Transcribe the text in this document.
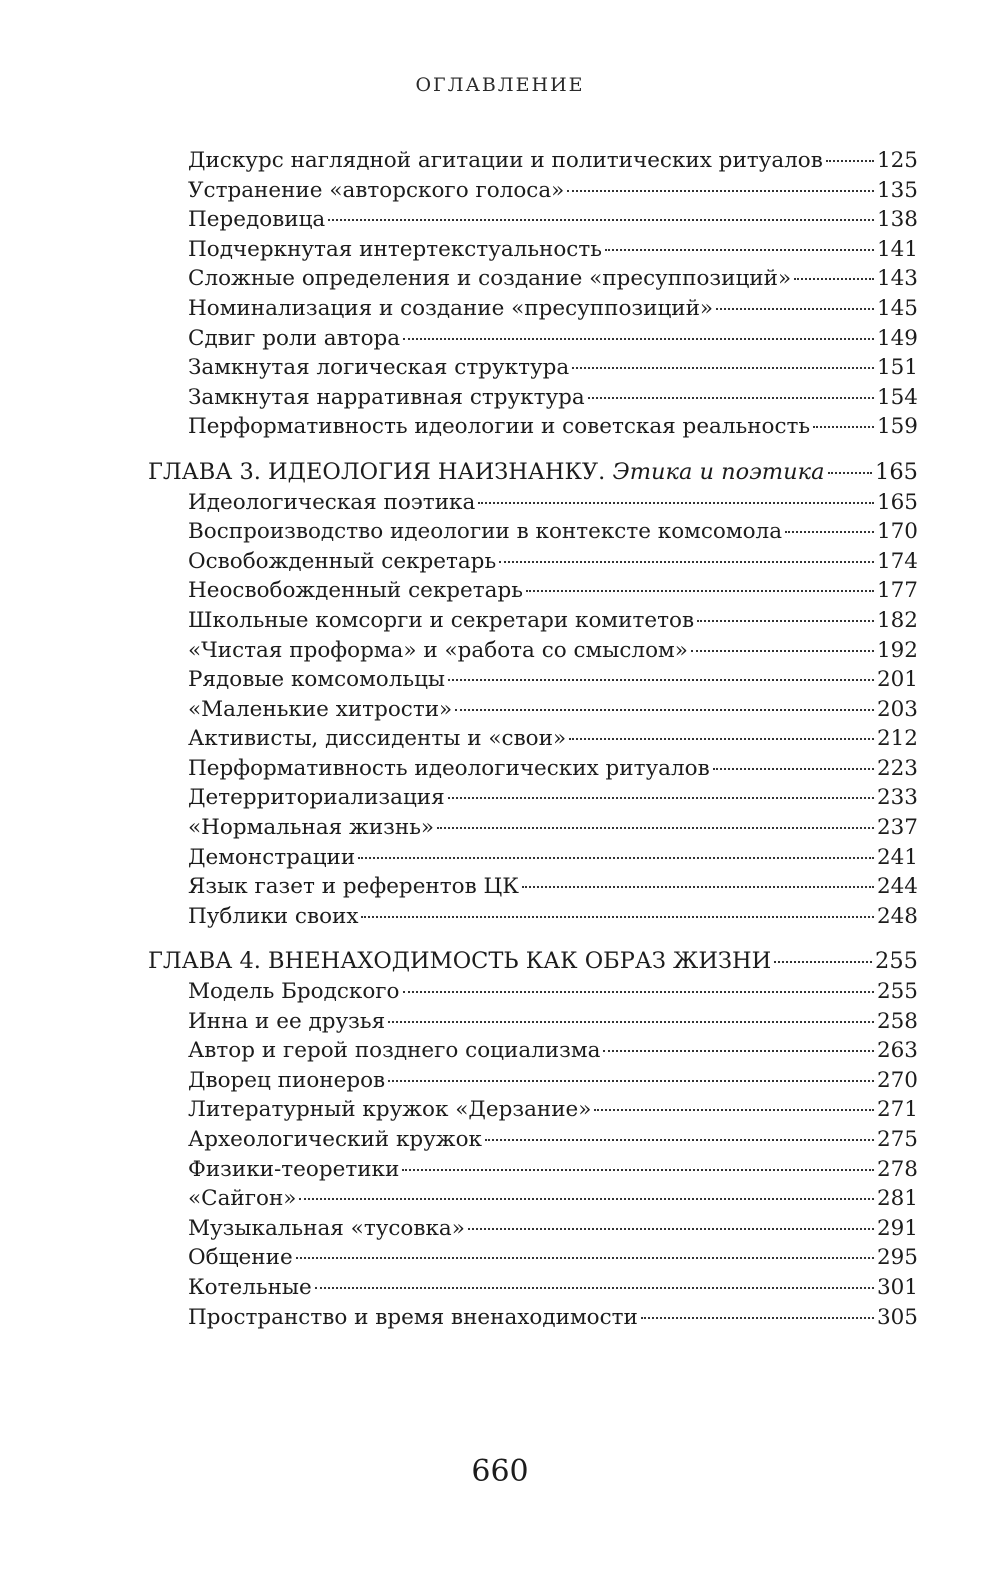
ОГЛАВЛЕНИЕ
Дискурс наглядной агитации и политических ритуалов	125
Устранение «авторского голоса»	135
Передовица	138
Подчеркнутая интертекстуальность	141
Сложные определения и создание «пресуппозиций»	143
Номинализация и создание «пресуппозиций»	145
Сдвиг роли автора	149
Замкнутая логическая структура	151
Замкнутая нарративная структура	154
Перформативность идеологии и советская реальность	159
ГЛАВА 3. ИДЕОЛОГИЯ НАИЗНАНКУ. Этика и поэтика 165
Идеологическая поэтика	165
Воспроизводство идеологии в контексте комсомола	170
Освобожденный секретарь	174
Неосвобожденный секретарь	177
Школьные комсорги и секретари комитетов	182
«Чистая проформа» и «работа со смыслом»	192
Рядовые комсомольцы	201
«Маленькие хитрости»	203
Активисты, диссиденты и «свои»	212
Перформативность идеологических ритуалов	223
Детерриториализация	233
«Нормальная жизнь»	237
Демонстрации	241
Язык газет и референтов ЦК	244
Публики своих	248
ГЛАВА 4. ВНЕНАХОДИМОСТЬ КАК ОБРАЗ ЖИЗНИ	255
Модель Бродского	255
Инна и ее друзья	258
Автор и герой позднего социализма	263
Дворец пионеров	270
Литературный кружок «Дерзание»	271
Археологический кружок	275
Физики-теоретики	278
«Сайгон»	281
Музыкальная «тусовка»	291
Общение	295
Котельные	301
Пространство и время вненаходимости	305
660
